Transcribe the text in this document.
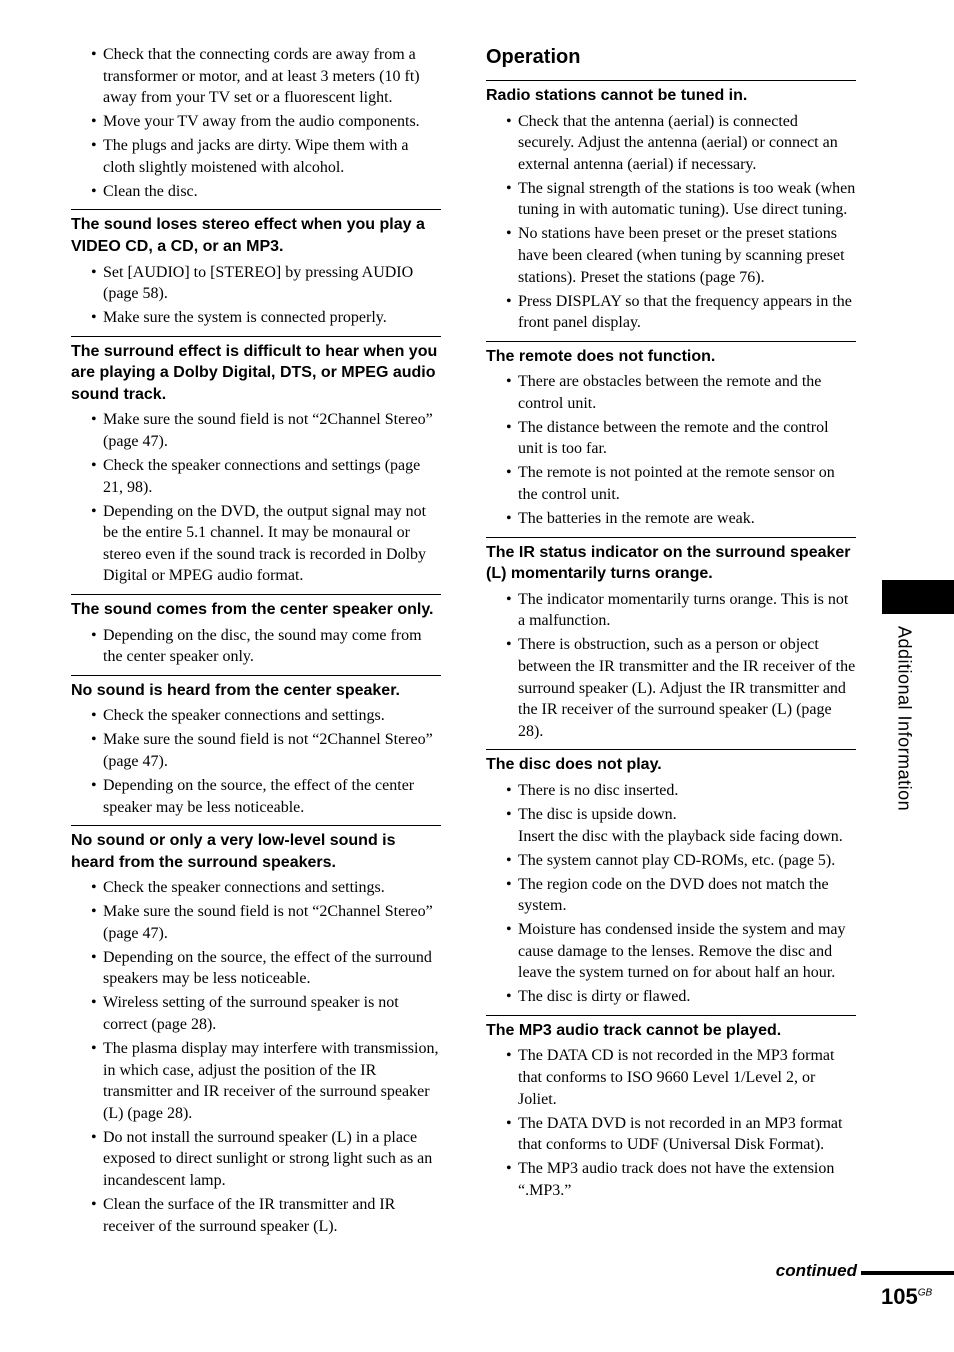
• Check that the connecting cords are away from a transformer or motor, and at least 3 meters (10 ft) away from your TV set or a fluorescent light.
• Move your TV away from the audio components.
• The plugs and jacks are dirty. Wipe them with a cloth slightly moistened with alcohol.
• Clean the disc.
The sound loses stereo effect when you play a VIDEO CD, a CD, or an MP3.
• Set [AUDIO] to [STEREO] by pressing AUDIO (page 58).
• Make sure the system is connected properly.
The surround effect is difficult to hear when you are playing a Dolby Digital, DTS, or MPEG audio sound track.
• Make sure the sound field is not “2Channel Stereo” (page 47).
• Check the speaker connections and settings (page 21, 98).
• Depending on the DVD, the output signal may not be the entire 5.1 channel. It may be monaural or stereo even if the sound track is recorded in Dolby Digital or MPEG audio format.
The sound comes from the center speaker only.
• Depending on the disc, the sound may come from the center speaker only.
No sound is heard from the center speaker.
• Check the speaker connections and settings.
• Make sure the sound field is not “2Channel Stereo” (page 47).
• Depending on the source, the effect of the center speaker may be less noticeable.
No sound or only a very low-level sound is heard from the surround speakers.
• Check the speaker connections and settings.
• Make sure the sound field is not “2Channel Stereo” (page 47).
• Depending on the source, the effect of the surround speakers may be less noticeable.
• Wireless setting of the surround speaker is not correct (page 28).
• The plasma display may interfere with transmission, in which case, adjust the position of the IR transmitter and IR receiver of the surround speaker (L) (page 28).
• Do not install the surround speaker (L) in a place exposed to direct sunlight or strong light such as an incandescent lamp.
• Clean the surface of the IR transmitter and IR receiver of the surround speaker (L).
Operation
Radio stations cannot be tuned in.
• Check that the antenna (aerial) is connected securely. Adjust the antenna (aerial) or connect an external antenna (aerial) if necessary.
• The signal strength of the stations is too weak (when tuning in with automatic tuning). Use direct tuning.
• No stations have been preset or the preset stations have been cleared (when tuning by scanning preset stations). Preset the stations (page 76).
• Press DISPLAY so that the frequency appears in the front panel display.
The remote does not function.
• There are obstacles between the remote and the control unit.
• The distance between the remote and the control unit is too far.
• The remote is not pointed at the remote sensor on the control unit.
• The batteries in the remote are weak.
The IR status indicator on the surround speaker (L) momentarily turns orange.
• The indicator momentarily turns orange. This is not a malfunction.
• There is obstruction, such as a person or object between the IR transmitter and the IR receiver of the surround speaker (L). Adjust the IR transmitter and the IR receiver of the surround speaker (L) (page 28).
The disc does not play.
• There is no disc inserted.
• The disc is upside down.
Insert the disc with the playback side facing down.
• The system cannot play CD-ROMs, etc. (page 5).
• The region code on the DVD does not match the system.
• Moisture has condensed inside the system and may cause damage to the lenses. Remove the disc and leave the system turned on for about half an hour.
• The disc is dirty or flawed.
The MP3 audio track cannot be played.
• The DATA CD is not recorded in the MP3 format that conforms to ISO 9660 Level 1/Level 2, or Joliet.
• The DATA DVD is not recorded in an MP3 format that conforms to UDF (Universal Disk Format).
• The MP3 audio track does not have the extension “.MP3.”
Additional Information
continued
$105^{GB}$
